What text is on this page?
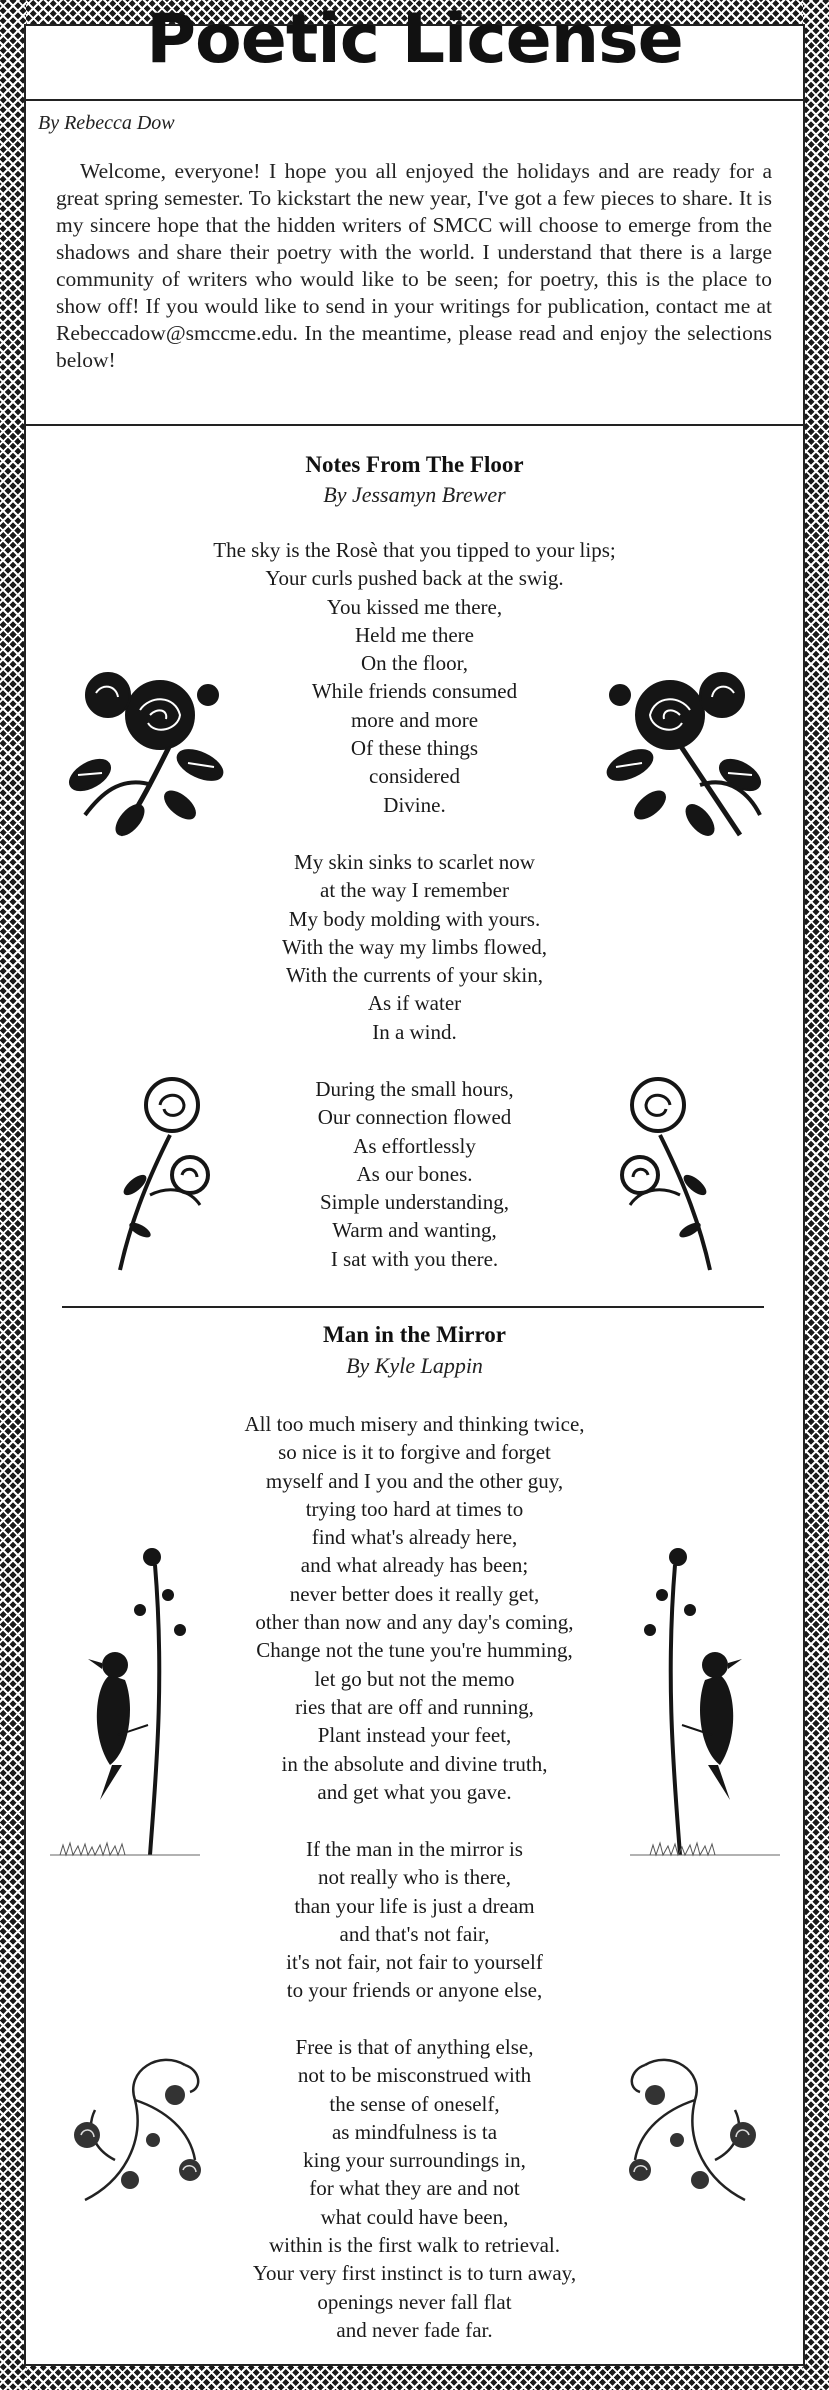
Poetic License
By Rebecca Dow

Welcome, everyone! I hope you all enjoyed the holidays and are ready for a great spring semester. To kickstart the new year, I've got a few pieces to share. It is my sincere hope that the hidden writers of SMCC will choose to emerge from the shadows and share their poetry with the world. I understand that there is a large community of writers who would like to be seen; for poetry, this is the place to show off! If you would like to send in your writings for publication, contact me at Rebeccadow@smccme.edu. In the meantime, please read and enjoy the selections below!

Notes From The Floor
By Jessamyn Brewer
The sky is the Rosè that you tipped to your lips;
Your curls pushed back at the swig.
You kissed me there,
Held me there
On the floor,
While friends consumed
more and more
Of these things
considered
Divine.
My skin sinks to scarlet now
at the way I remember
My body molding with yours.
With the way my limbs flowed,
With the currents of your skin,
As if water
In a wind.
During the small hours,
Our connection flowed
As effortlessly
As our bones.
Simple understanding,
Warm and wanting,
I sat with you there.
Man in the Mirror
By Kyle Lappin
All too much misery and thinking twice,
so nice is it to forgive and forget
myself and I you and the other guy,
trying too hard at times to
find what's already here,
and what already has been;
never better does it really get,
other than now and any day's coming,
Change not the tune you're humming,
let go but not the memo
ries that are off and running,
Plant instead your feet,
in the absolute and divine truth,
and get what you gave.
If the man in the mirror is
not really who is there,
than your life is just a dream
and that's not fair,
it's not fair, not fair to yourself
to your friends or anyone else,
Free is that of anything else,
not to be misconstrued with
the sense of oneself,
as mindfulness is ta
king your surroundings in,
for what they are and not
what could have been,
within is the first walk to retrieval.
Your very first instinct is to turn away,
openings never fall flat
and never fade far.
